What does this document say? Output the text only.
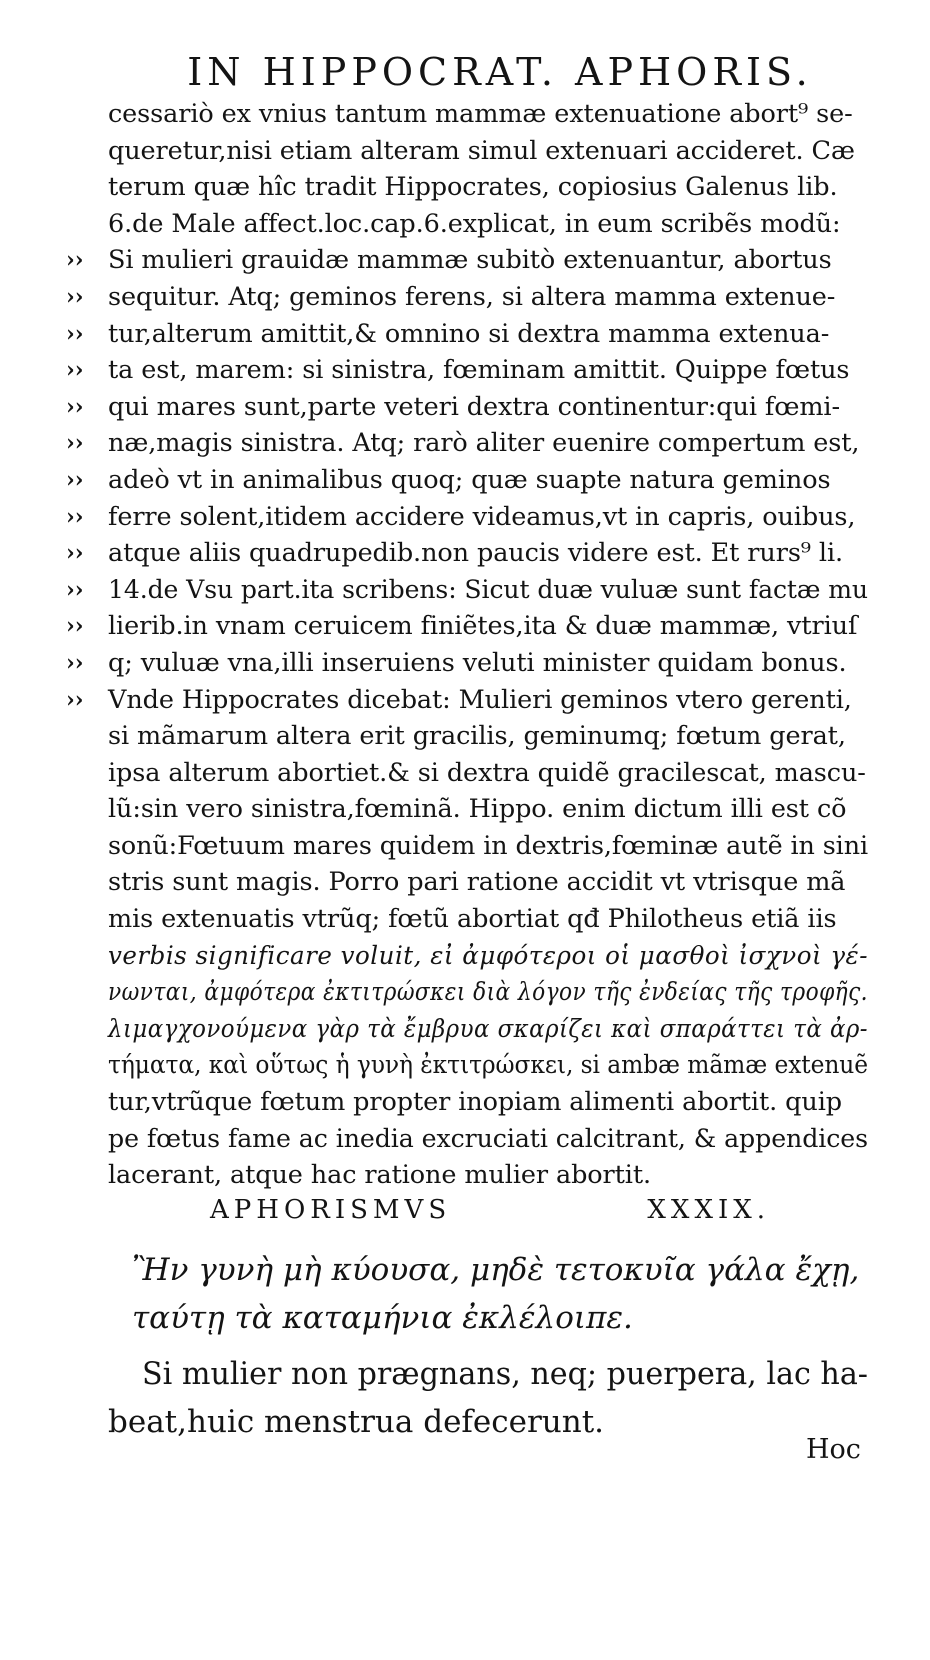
IN HIPPOCRAT. APHORIS.
cessariò ex vnius tantum mammæ extenuatione abort⁹ se-
queretur,nisi etiam alteram simul extenuari accideret. Cæ
terum quæ hîc tradit Hippocrates, copiosius Galenus lib.
6.de Male affect.loc.cap.6.explicat, in eum scribẽs modũ:
›› Si mulieri grauidæ mammæ subitò extenuantur, abortus
›› sequitur. Atq; geminos ferens, si altera mamma extenue-
›› tur,alterum amittit,& omnino si dextra mamma extenua-
›› ta est, marem: si sinistra, fœminam amittit. Quippe fœtus
›› qui mares sunt,parte veteri dextra continentur:qui fœmi-
›› næ,magis sinistra. Atq; rarò aliter euenire compertum est,
›› adeò vt in animalibus quoq; quæ suapte natura geminos
›› ferre solent,itidem accidere videamus,vt in capris, ouibus,
›› atque aliis quadrupedib.non paucis videre est. Et rurs⁹ li.
›› 14.de Vsu part.ita scribens: Sicut duæ vuluæ sunt factæ mu
›› lierib.in vnam ceruicem finiẽtes,ita & duæ mammæ, vtriuſ
›› q; vuluæ vna,illi inseruiens veluti minister quidam bonus.
›› Vnde Hippocrates dicebat: Mulieri geminos vtero gerenti,
si mãmarum altera erit gracilis, geminumq; fœtum gerat,
ipsa alterum abortiet.& si dextra quidẽ gracilescat, mascu-
lũ:sin vero sinistra,fœminã. Hippo. enim dictum illi est cõ
sonũ:Fœtuum mares quidem in dextris,fœminæ autẽ in sini
stris sunt magis. Porro pari ratione accidit vt vtrisque mã
mis extenuatis vtrũq; fœtũ abortiat qđ Philotheus etiã iis
verbis significare voluit, εἰ ἀμφότεροι οἱ μασθοὶ ἰσχνοὶ γέ-
νωνται, ἀμφότερα ἐκτιτρώσκει διὰ λόγον τῆς ἐνδείας τῆς τροφῆς.
λιμαγχονούμενα γὰρ τὰ ἔμβρυα σκαρίζει καὶ σπαράττει τὰ ἀρ-
τήματα, καὶ οὕτως ἡ γυνὴ ἐκτιτρώσκει, si ambæ mãmæ extenuẽ
tur,vtrũque fœtum propter inopiam alimenti abortit. quip
pe fœtus fame ac inedia excruciati calcitrant, & appendices
lacerant, atque hac ratione mulier abortit.
APHORISMVS	XXXIX.
Ἢν γυνὴ μὴ κύουσα, μηδὲ τετοκυῖα γάλα ἔχῃ,
ταύτῃ τὰ καταμήνια ἐκλέλοιπε.
Si mulier non prægnans, neq; puerpera, lac ha-
beat,huic menstrua defecerunt.
Hoc
